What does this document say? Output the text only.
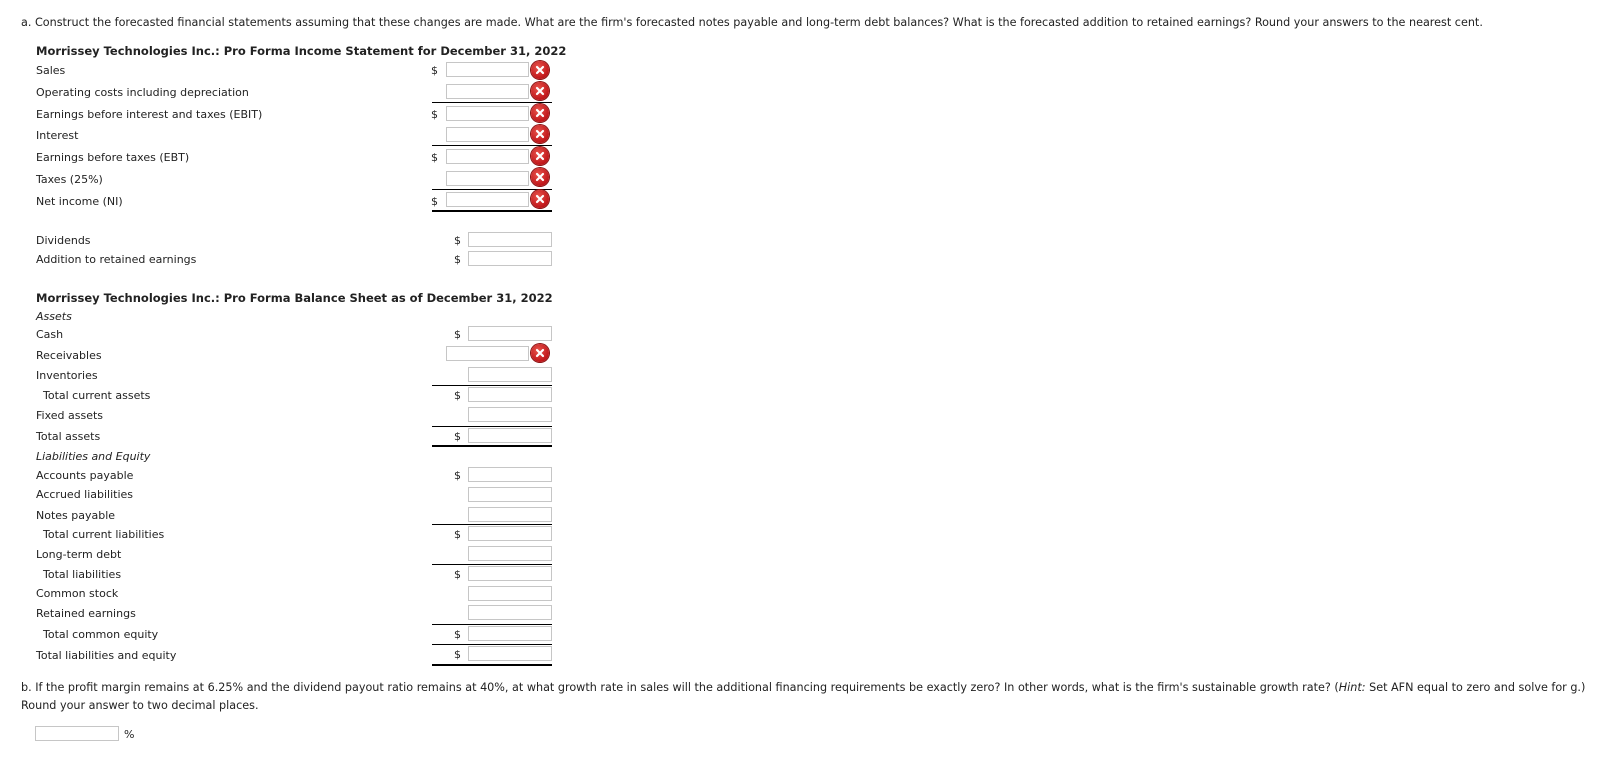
a. Construct the forecasted financial statements assuming that these changes are made. What are the firm's forecasted notes payable and long-term debt balances? What is the forecasted addition to retained earnings? Round your answers to the nearest cent.
Morrissey Technologies Inc.: Pro Forma Income Statement for December 31, 2022
Sales
Operating costs including depreciation
Earnings before interest and taxes (EBIT)
Interest
Earnings before taxes (EBT)
Taxes (25%)
Net income (NI)
$
$
$
$
Dividends
Addition to retained earnings
$
$
Morrissey Technologies Inc.: Pro Forma Balance Sheet as of December 31, 2022
Assets
Cash
Receivables
Inventories
Total current assets
Fixed assets
Total assets
Liabilities and Equity
Accounts payable
Accrued liabilities
Notes payable
Total current liabilities
Long-term debt
Total liabilities
Common stock
Retained earnings
Total common equity
Total liabilities and equity
$
$
$
$
$
$
$
$
b. If the profit margin remains at 6.25% and the dividend payout ratio remains at 40%, at what growth rate in sales will the additional financing requirements be exactly zero? In other words, what is the firm's sustainable growth rate? (Hint: Set AFN equal to zero and solve for g.) Round your answer to two decimal places.
%
